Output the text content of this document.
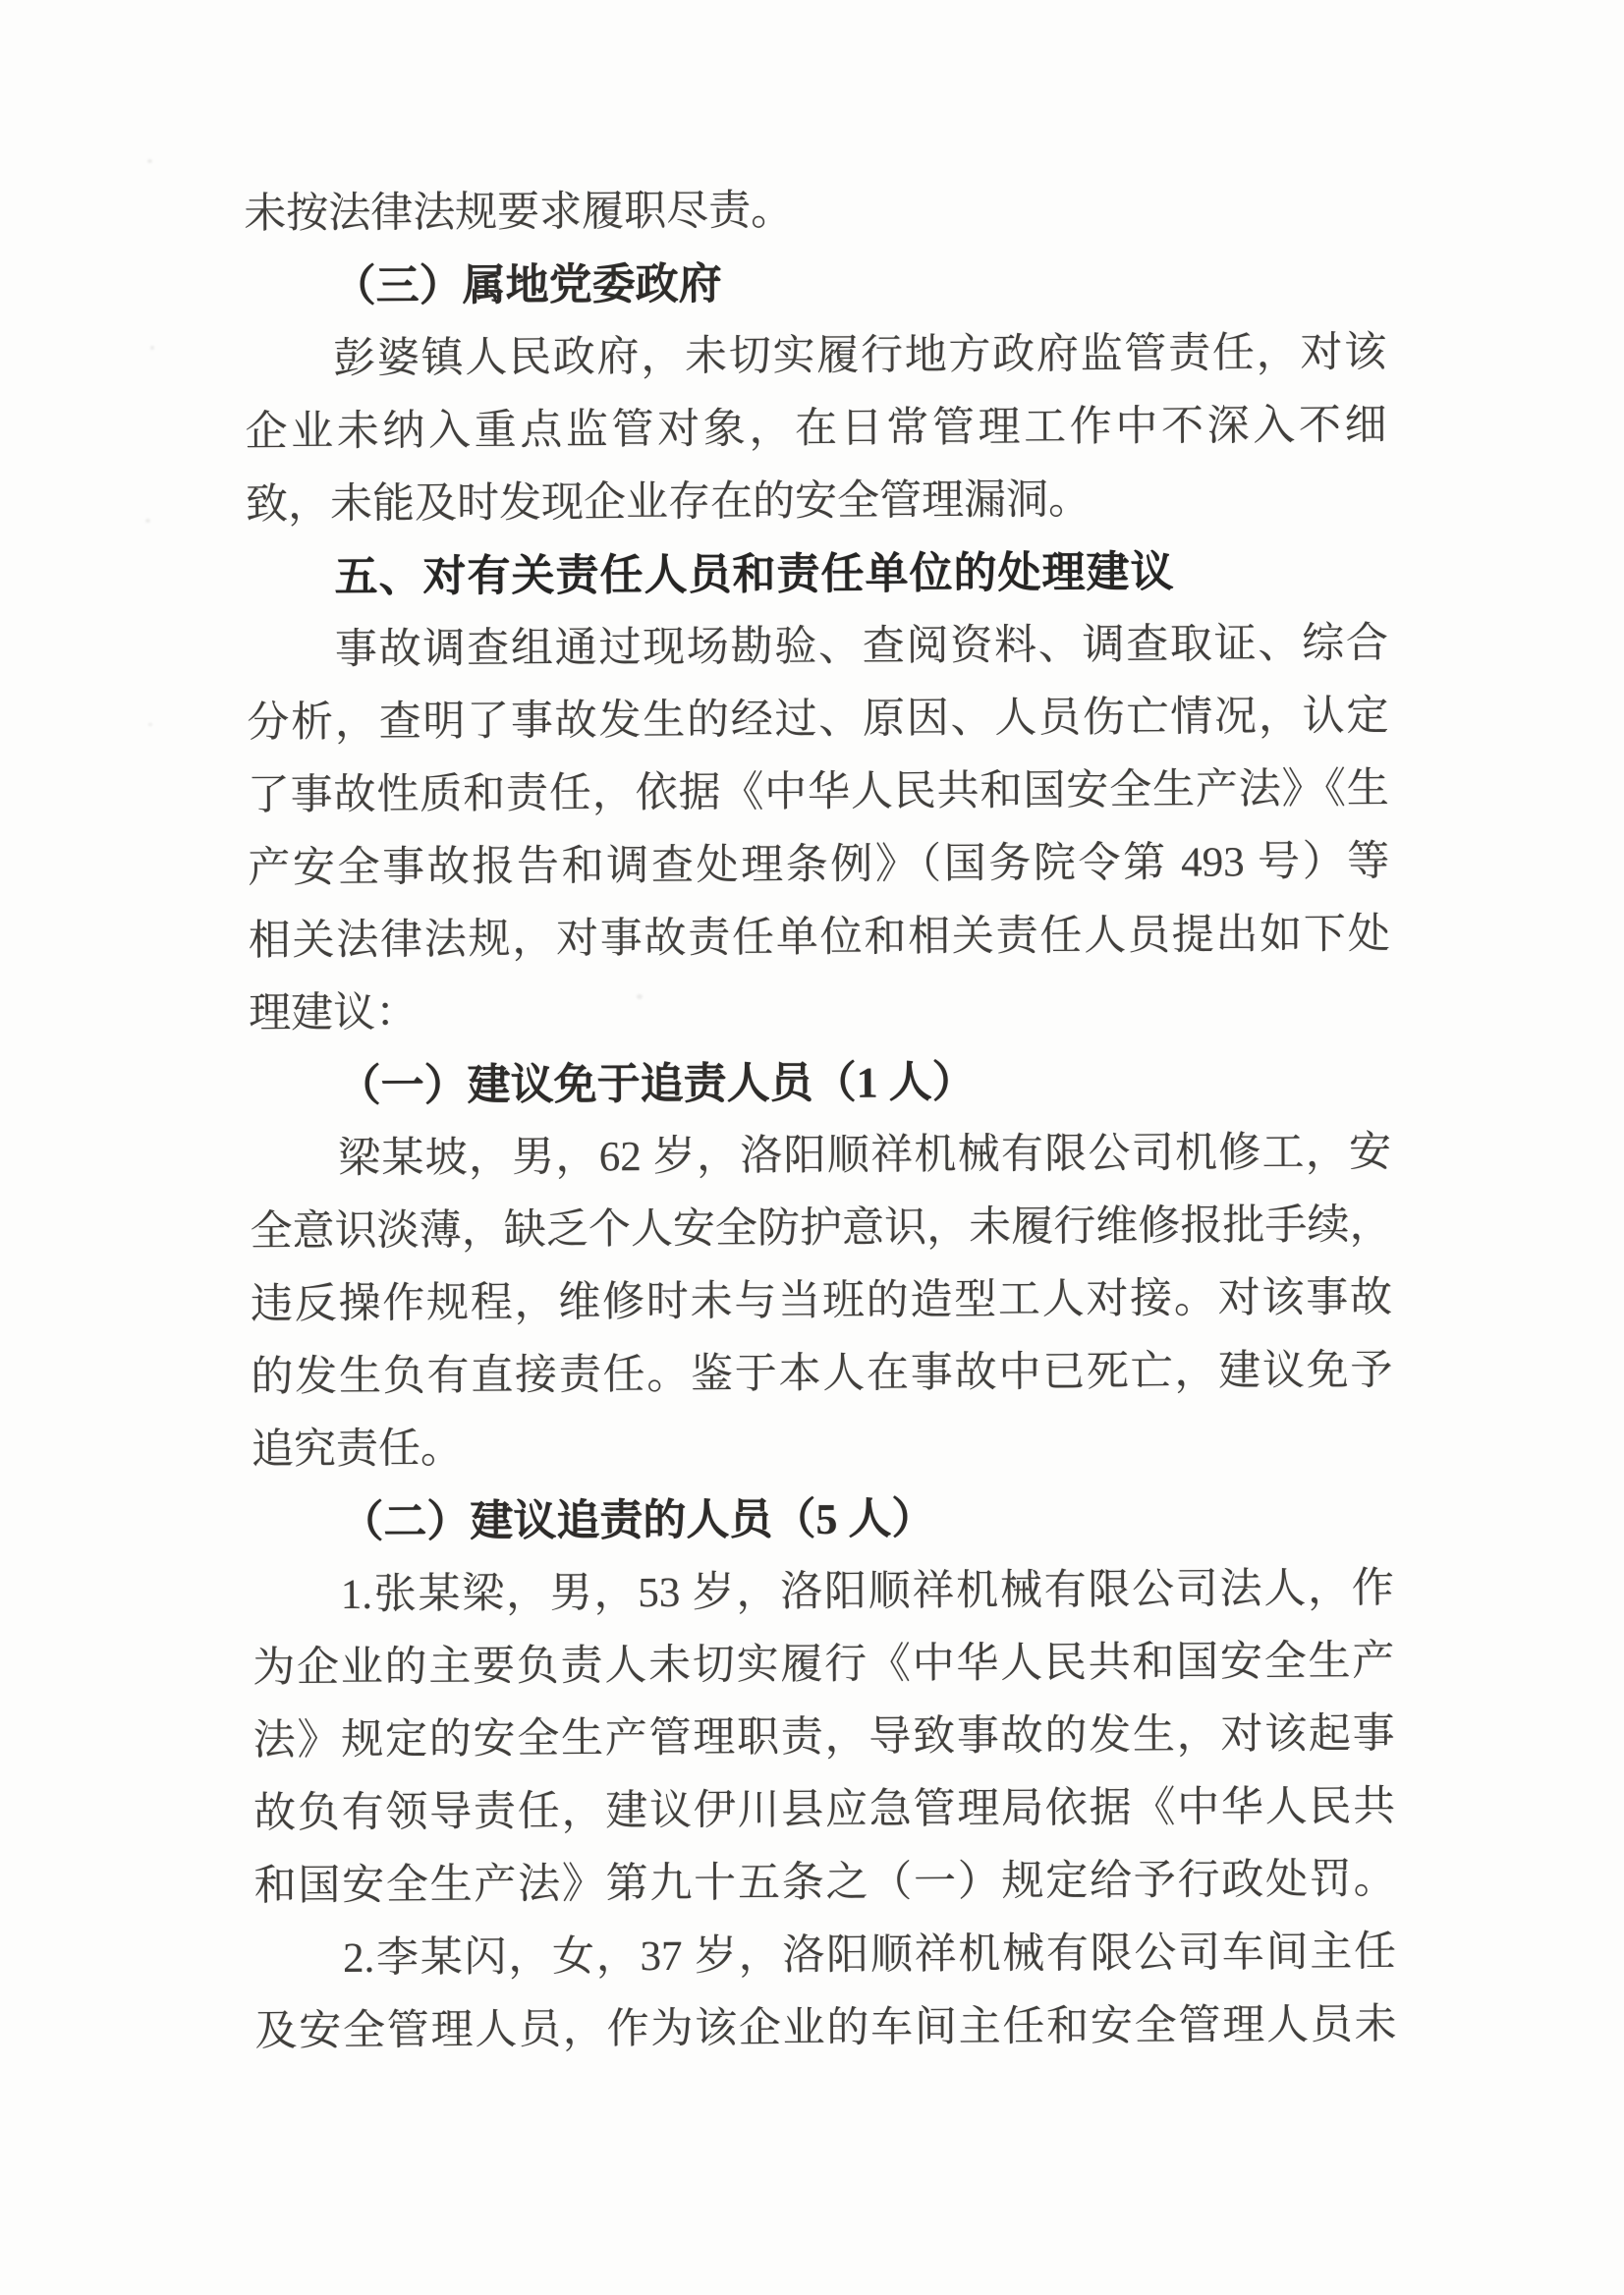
未按法律法规要求履职尽责。
（三）属地党委政府
彭婆镇人民政府，未切实履行地方政府监管责任，对该
企业未纳入重点监管对象，在日常管理工作中不深入不细
致，未能及时发现企业存在的安全管理漏洞。
五、对有关责任人员和责任单位的处理建议
事故调查组通过现场勘验、查阅资料、调查取证、综合
分析，查明了事故发生的经过、原因、人员伤亡情况，认定
了事故性质和责任，依据《中华人民共和国安全生产法》《生
产安全事故报告和调查处理条例》（国务院令第 493 号）等
相关法律法规，对事故责任单位和相关责任人员提出如下处
理建议：
（一）建议免于追责人员（1 人）
梁某坡，男，62 岁，洛阳顺祥机械有限公司机修工，安
全意识淡薄，缺乏个人安全防护意识，未履行维修报批手续，
违反操作规程，维修时未与当班的造型工人对接。对该事故
的发生负有直接责任。鉴于本人在事故中已死亡，建议免予
追究责任。
（二）建议追责的人员（5 人）
1.张某梁，男，53 岁，洛阳顺祥机械有限公司法人，作
为企业的主要负责人未切实履行《中华人民共和国安全生产
法》规定的安全生产管理职责，导致事故的发生，对该起事
故负有领导责任，建议伊川县应急管理局依据《中华人民共
和国安全生产法》第九十五条之（一）规定给予行政处罚。
2.李某闪，女，37 岁，洛阳顺祥机械有限公司车间主任
及安全管理人员，作为该企业的车间主任和安全管理人员未
